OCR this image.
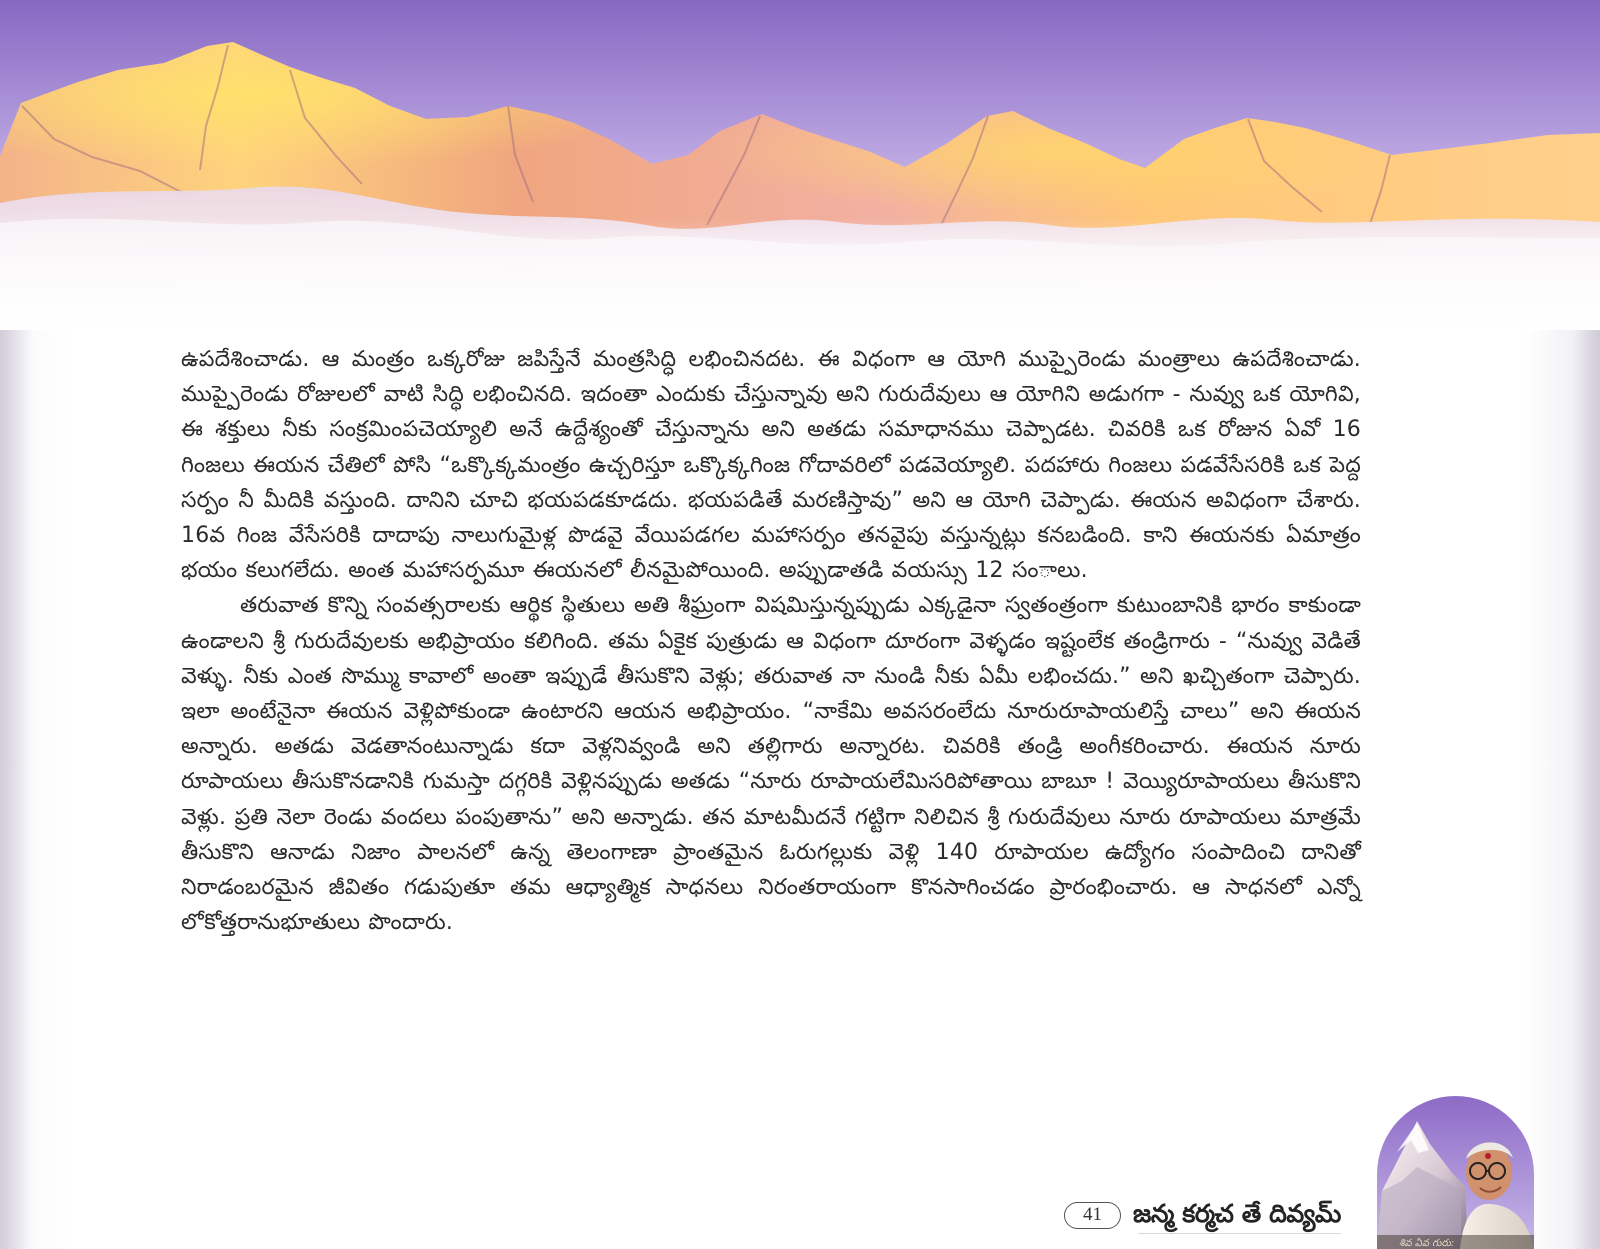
ఉపదేశించాడు. ఆ మంత్రం ఒక్కరోజు జపిస్తేనే మంత్రసిద్ధి లభించినదట. ఈ విధంగా ఆ యోగి ముప్పైరెండు మంత్రాలు ఉపదేశించాడు. ముప్పైరెండు రోజులలో వాటి సిద్ధి లభించినది. ఇదంతా ఎందుకు చేస్తున్నావు అని గురుదేవులు ఆ యోగిని అడుగగా - నువ్వు ఒక యోగివి, ఈ శక్తులు నీకు సంక్రమింపచెయ్యాలి అనే ఉద్దేశ్యంతో చేస్తున్నాను అని అతడు సమాధానము చెప్పాడట. చివరికి ఒక రోజున ఏవో 16 గింజలు ఈయన చేతిలో పోసి “ఒక్కొక్కమంత్రం ఉచ్చరిస్తూ ఒక్కొక్కగింజ గోదావరిలో పడవెయ్యాలి. పదహారు గింజలు పడవేసేసరికి ఒక పెద్ద సర్పం నీ మీదికి వస్తుంది. దానిని చూచి భయపడకూడదు. భయపడితే మరణిస్తావు” అని ఆ యోగి చెప్పాడు. ఈయన అవిధంగా చేశారు. 16వ గింజ వేసేసరికి దాదాపు నాలుగుమైళ్ల పొడవై వేయిపడగల మహాసర్పం తనవైపు వస్తున్నట్లు కనబడింది. కాని ఈయనకు ఏమాత్రం భయం కలుగలేదు. అంత మహాసర్పమూ ఈయనలో లీనమైపోయింది. అప్పుడాతడి వయస్సు 12 సంాలు.

తరువాత కొన్ని సంవత్సరాలకు ఆర్థిక స్థితులు అతి శీఘ్రంగా విషమిస్తున్నప్పుడు ఎక్కడైనా స్వతంత్రంగా కుటుంబానికి భారం కాకుండా ఉండాలని శ్రీ గురుదేవులకు అభిప్రాయం కలిగింది. తమ ఏకైక పుత్రుడు ఆ విధంగా దూరంగా వెళ్ళడం ఇష్టంలేక తండ్రిగారు - “నువ్వు వెడితే వెళ్ళు. నీకు ఎంత సొమ్ము కావాలో అంతా ఇప్పుడే తీసుకొని వెళ్లు; తరువాత నా నుండి నీకు ఏమీ లభించదు.” అని ఖచ్చితంగా చెప్పారు. ఇలా అంటేనైనా ఈయన వెళ్లిపోకుండా ఉంటారని ఆయన అభిప్రాయం. “నాకేమి అవసరంలేదు నూరురూపాయలిస్తే చాలు” అని ఈయన అన్నారు. అతడు వెడతానంటున్నాడు కదా వెళ్లనివ్వండి అని తల్లిగారు అన్నారట. చివరికి తండ్రి అంగీకరించారు. ఈయన నూరు రూపాయలు తీసుకొనడానికి గుమస్తా దగ్గరికి వెళ్లినప్పుడు అతడు “నూరు రూపాయలేమిసరిపోతాయి బాబూ ! వెయ్యిరూపాయలు తీసుకొని వెళ్లు. ప్రతి నెలా రెండు వందలు పంపుతాను” అని అన్నాడు. తన మాటమీదనే గట్టిగా నిలిచిన శ్రీ గురుదేవులు నూరు రూపాయలు మాత్రమే తీసుకొని ఆనాడు నిజాం పాలనలో ఉన్న తెలంగాణా ప్రాంతమైన ఓరుగల్లుకు వెళ్లి 140 రూపాయల ఉద్యోగం సంపాదించి దానితో నిరాడంబరమైన జీవితం గడుపుతూ తమ ఆధ్యాత్మిక సాధనలు నిరంతరాయంగా కొనసాగించడం ప్రారంభించారు. ఆ సాధనలో ఎన్నో లోకోత్తరానుభూతులు పొందారు.

శివ ఏవ గురు:
41	జన్మ కర్మచ తే దివ్యమ్
